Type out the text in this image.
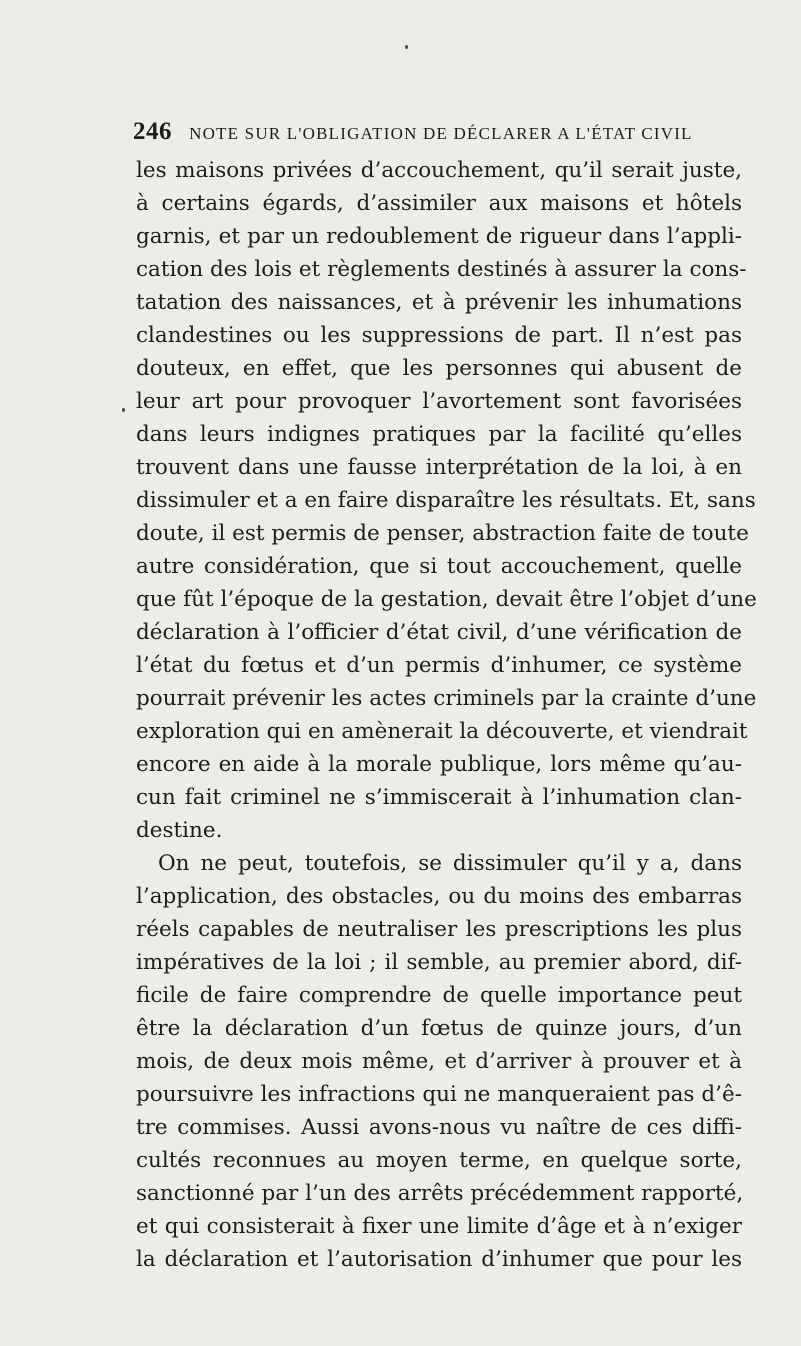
246 NOTE SUR L'OBLIGATION DE DÉCLARER A L'ÉTAT CIVIL
les maisons privées d’accouchement, qu’il serait juste,
à certains égards, d’assimiler aux maisons et hôtels
garnis, et par un redoublement de rigueur dans l’appli-
cation des lois et règlements destinés à assurer la cons-
tatation des naissances, et à prévenir les inhumations
clandestines ou les suppressions de part. Il n’est pas
douteux, en effet, que les personnes qui abusent de
leur art pour provoquer l’avortement sont favorisées
dans leurs indignes pratiques par la facilité qu’elles
trouvent dans une fausse interprétation de la loi, à en
dissimuler et a en faire disparaître les résultats. Et, sans
doute, il est permis de penser, abstraction faite de toute
autre considération, que si tout accouchement, quelle
que fût l’époque de la gestation, devait être l’objet d’une
déclaration à l’officier d’état civil, d’une vérification de
l’état du fœtus et d’un permis d’inhumer, ce système
pourrait prévenir les actes criminels par la crainte d’une
exploration qui en amènerait la découverte, et viendrait
encore en aide à la morale publique, lors même qu’au-
cun fait criminel ne s’immiscerait à l’inhumation clan-
destine.
On ne peut, toutefois, se dissimuler qu’il y a, dans
l’application, des obstacles, ou du moins des embarras
réels capables de neutraliser les prescriptions les plus
impératives de la loi ; il semble, au premier abord, dif-
ficile de faire comprendre de quelle importance peut
être la déclaration d’un fœtus de quinze jours, d’un
mois, de deux mois même, et d’arriver à prouver et à
poursuivre les infractions qui ne manqueraient pas d’ê-
tre commises. Aussi avons-nous vu naître de ces diffi-
cultés reconnues au moyen terme, en quelque sorte,
sanctionné par l’un des arrêts précédemment rapporté,
et qui consisterait à fixer une limite d’âge et à n’exiger
la déclaration et l’autorisation d’inhumer que pour les
